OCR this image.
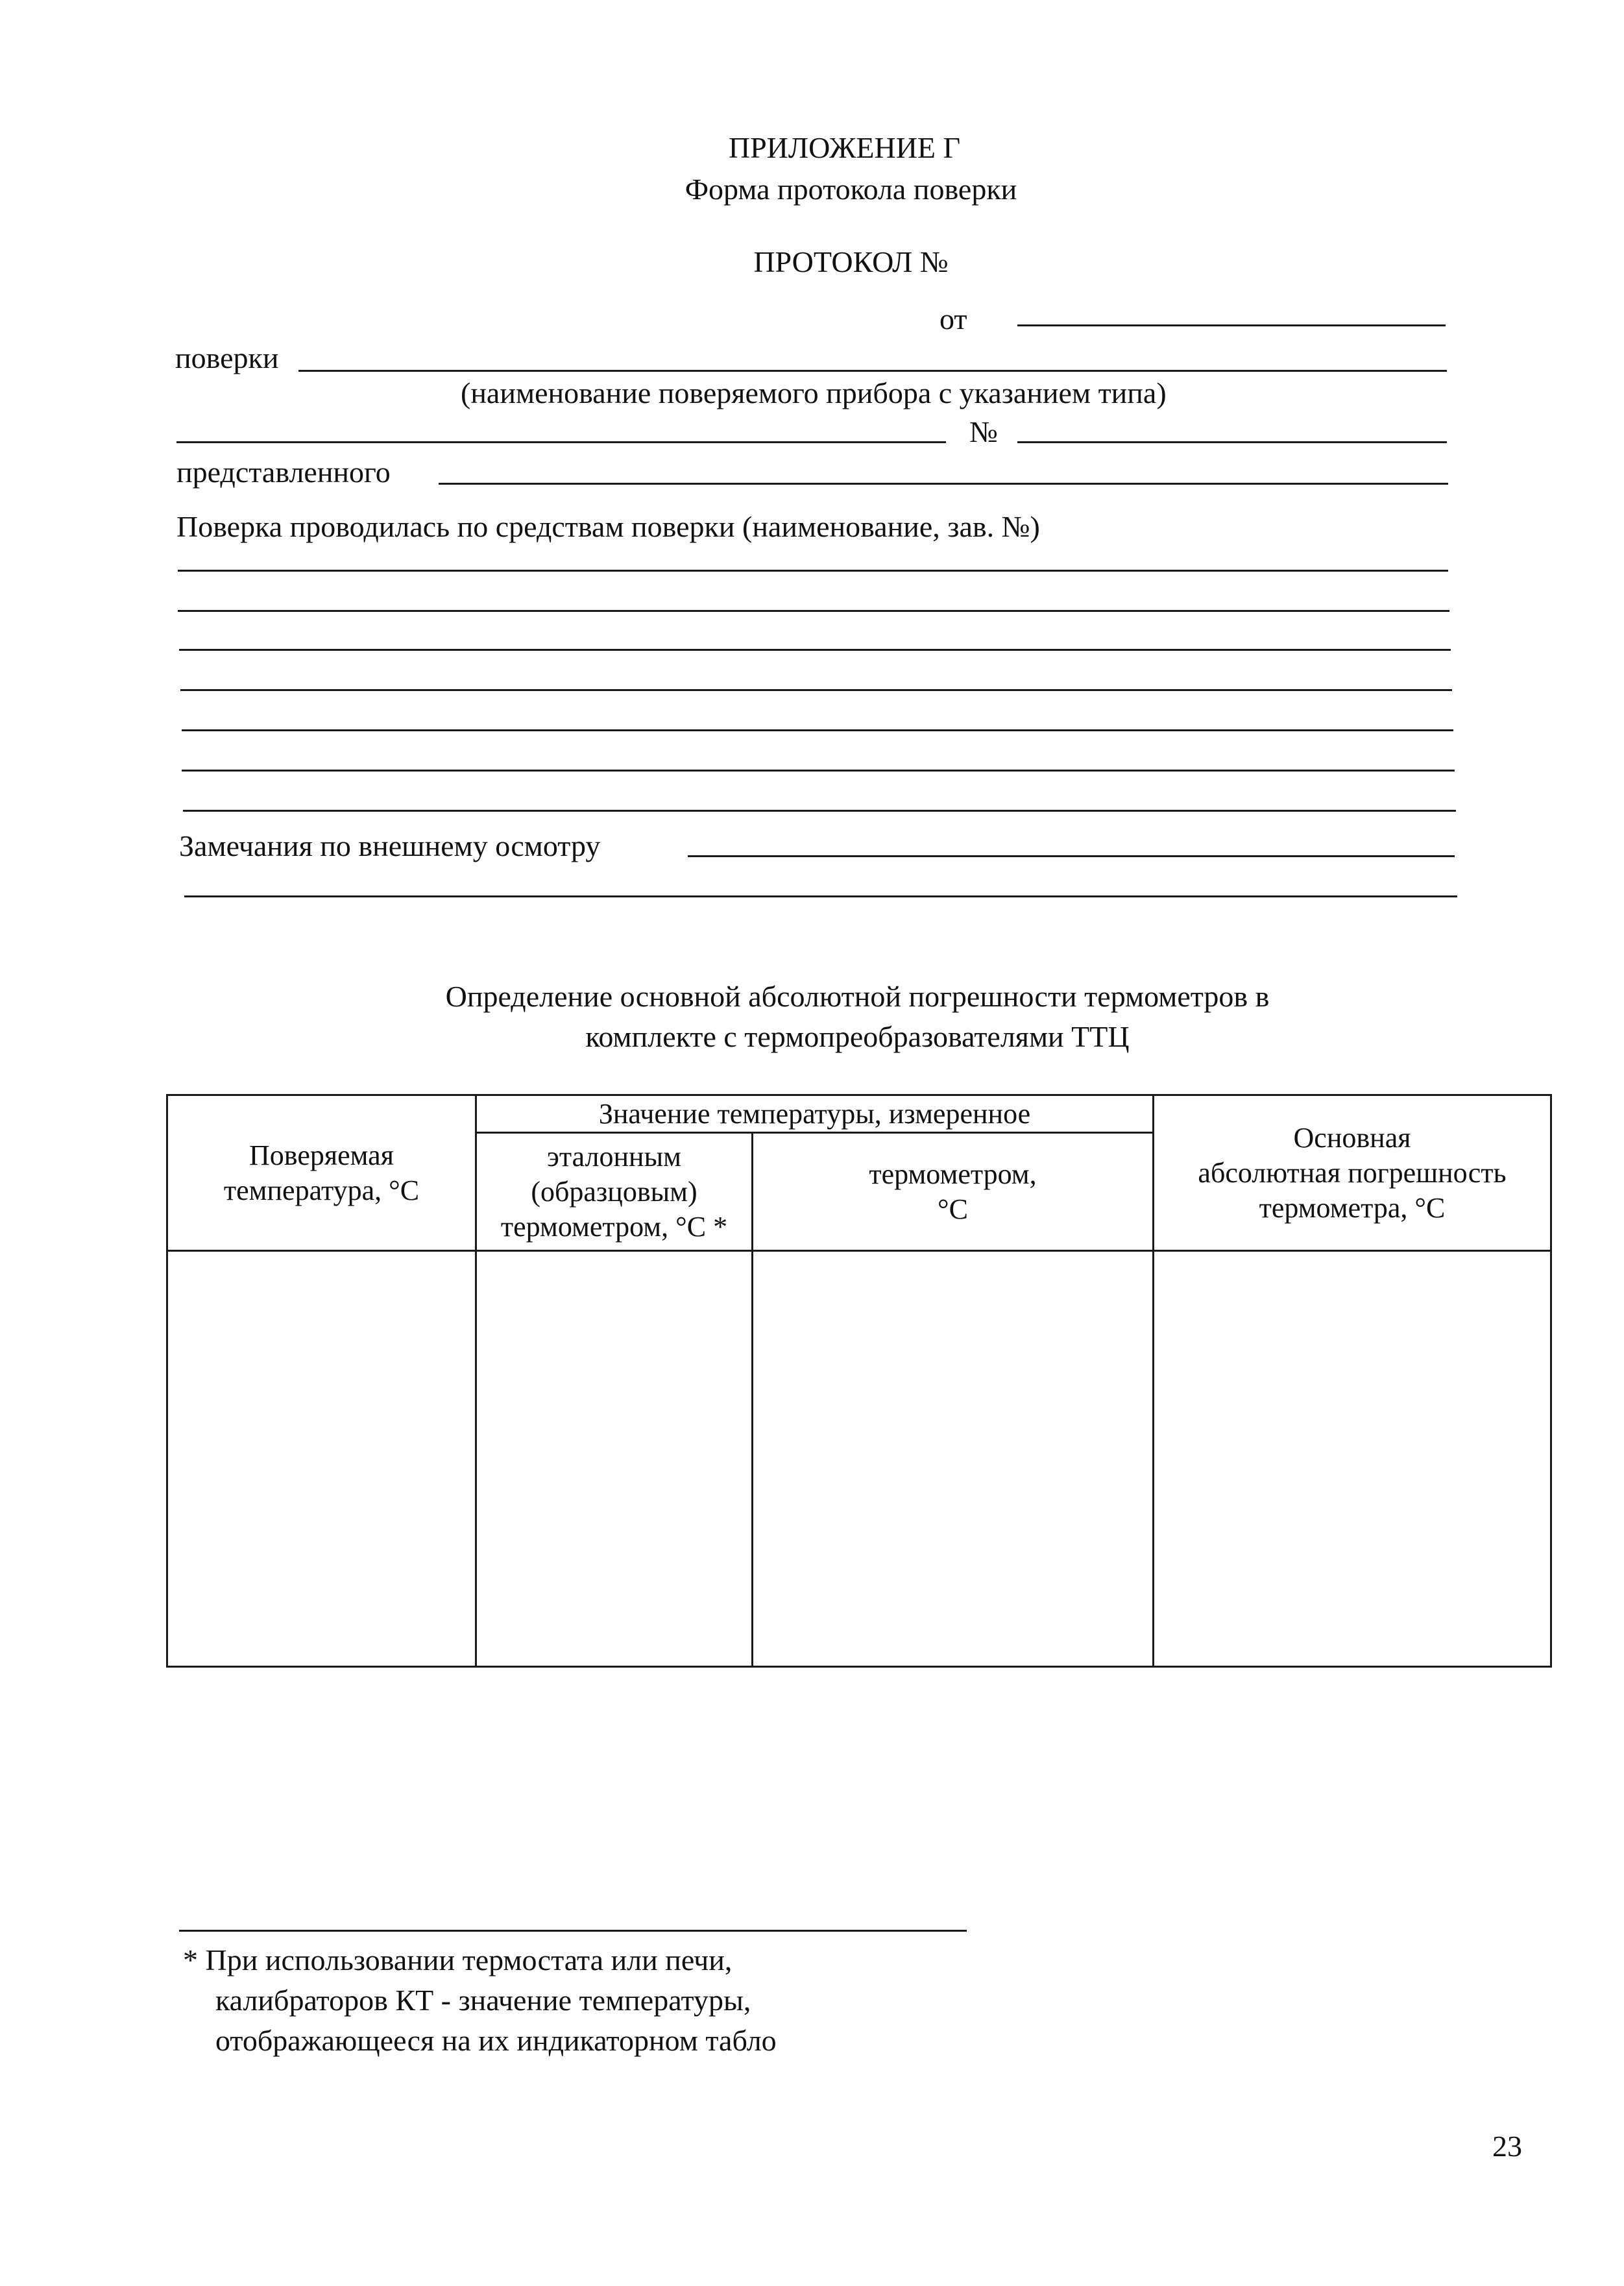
ПРИЛОЖЕНИЕ Г
Форма протокола поверки
ПРОТОКОЛ №
от
поверки
(наименование поверяемого прибора с указанием типа)
№
представленного
Поверка проводилась по средствам поверки (наименование, зав. №)
Замечания по внешнему осмотру
Определение основной абсолютной погрешности термометров в
комплекте с термопреобразователями ТТЦ
Поверяемая
температура, °С
Значение температуры, измеренное
эталонным
(образцовым)
термометром, °С *
термометром,
°С
Основная
абсолютная погрешность
термометра, °С
* При использовании термостата или печи,
калибраторов КТ - значение температуры,
отображающееся на их индикаторном табло
23
